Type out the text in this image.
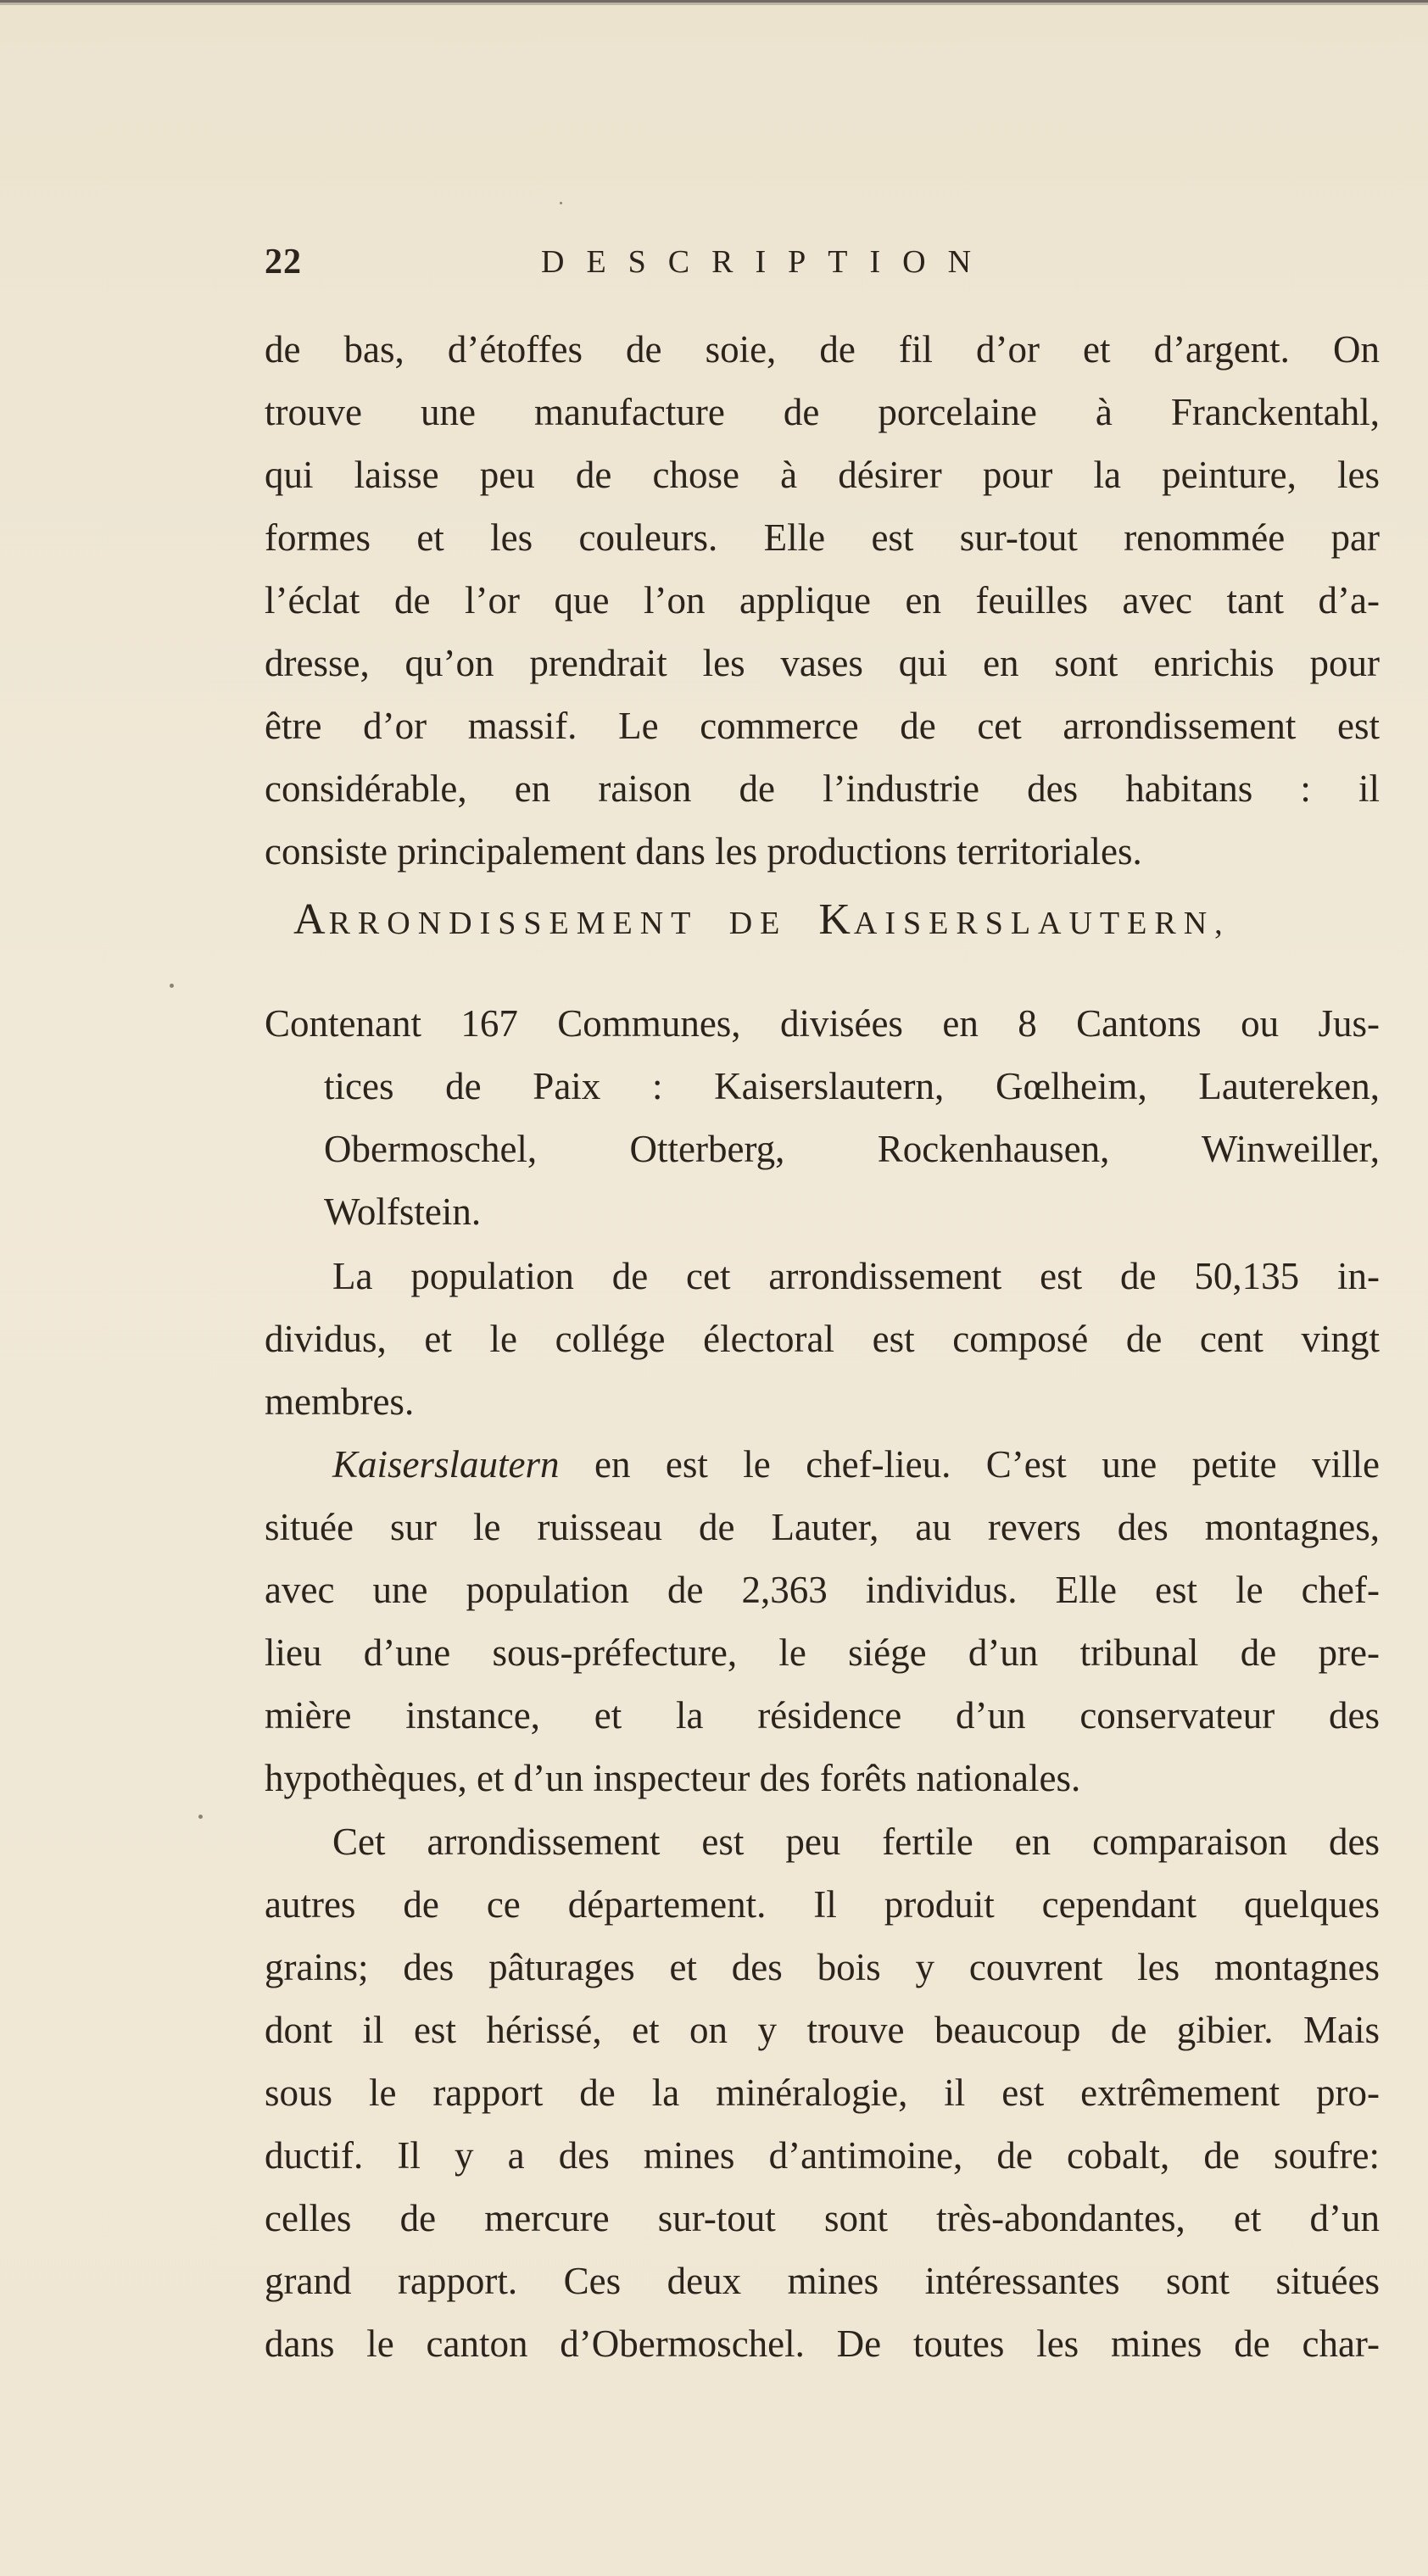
22	DESCRIPTION
de bas, d’étoffes de soie, de fil d’or et d’argent. On
trouve une manufacture de porcelaine à Franckentahl,
qui laisse peu de chose à désirer pour la peinture, les
formes et les couleurs. Elle est sur-tout renommée par
l’éclat de l’or que l’on applique en feuilles avec tant d’a-
dresse, qu’on prendrait les vases qui en sont enrichis pour
être d’or massif. Le commerce de cet arrondissement est
considérable, en raison de l’industrie des habitans : il
consiste principalement dans les productions territoriales.
ARRONDISSEMENT DE KAISERSLAUTERN,
Contenant 167 Communes, divisées en 8 Cantons ou Jus-
tices de Paix : Kaiserslautern, Gœlheim, Lautereken,
Obermoschel, Otterberg, Rockenhausen, Winweiller,
Wolfstein.
La population de cet arrondissement est de 50,135 in-
dividus, et le collége électoral est composé de cent vingt
membres.
Kaiserslautern en est le chef-lieu. C’est une petite ville
située sur le ruisseau de Lauter, au revers des montagnes,
avec une population de 2,363 individus. Elle est le chef-
lieu d’une sous-préfecture, le siége d’un tribunal de pre-
mière instance, et la résidence d’un conservateur des
hypothèques, et d’un inspecteur des forêts nationales.
Cet arrondissement est peu fertile en comparaison des
autres de ce département. Il produit cependant quelques
grains; des pâturages et des bois y couvrent les montagnes
dont il est hérissé, et on y trouve beaucoup de gibier. Mais
sous le rapport de la minéralogie, il est extrêmement pro-
ductif. Il y a des mines d’antimoine, de cobalt, de soufre:
celles de mercure sur-tout sont très-abondantes, et d’un
grand rapport. Ces deux mines intéressantes sont situées
dans le canton d’Obermoschel. De toutes les mines de char-
